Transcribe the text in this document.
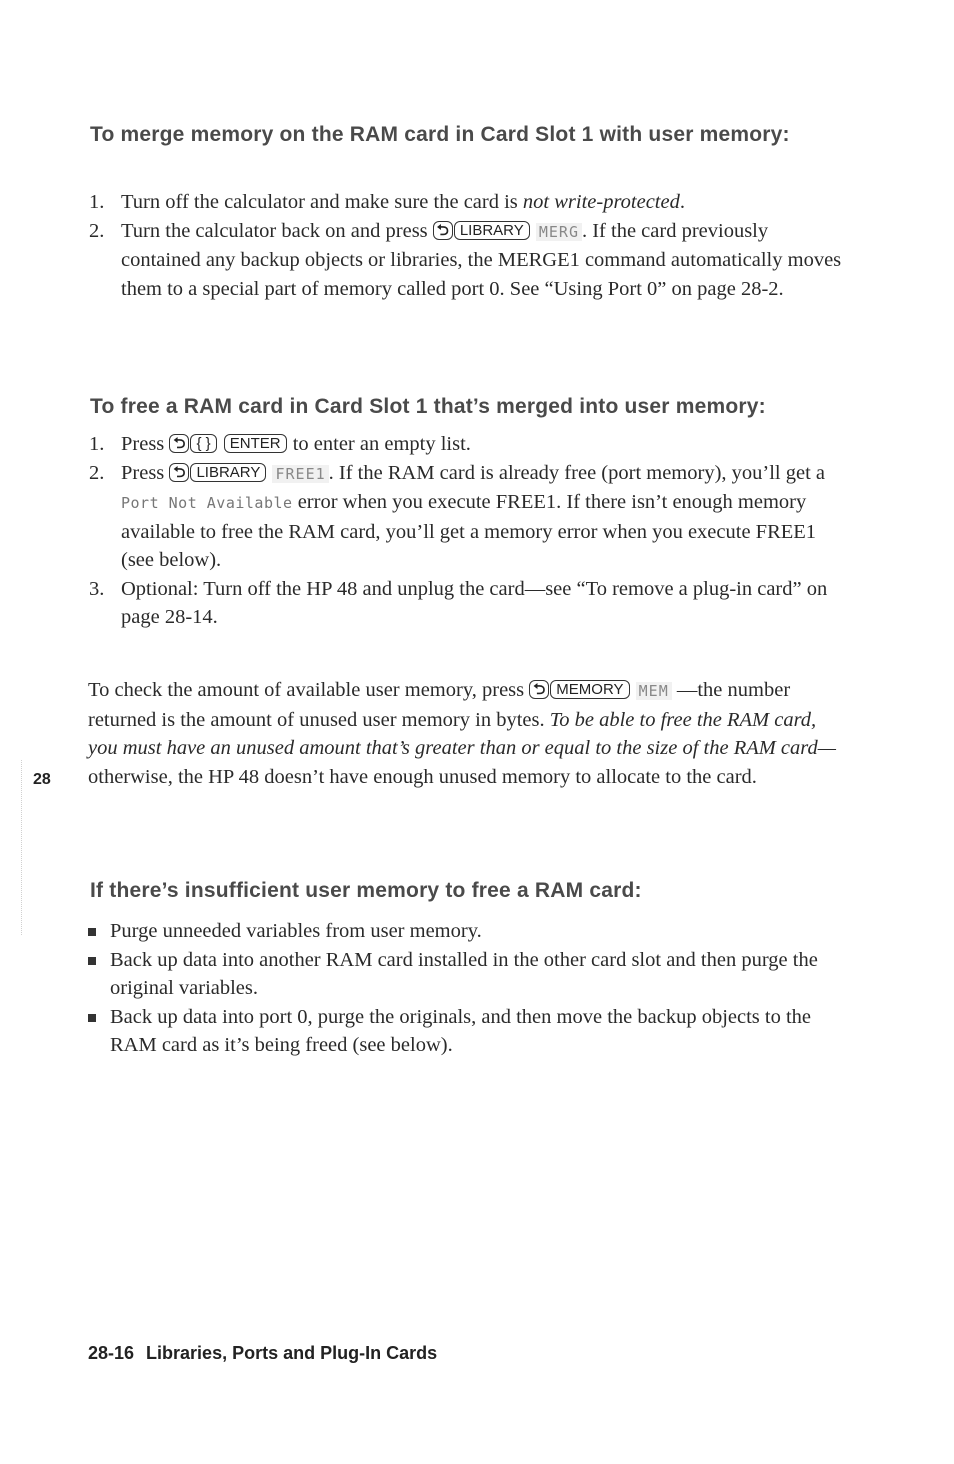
28
To merge memory on the RAM card in Card Slot 1 with user memory:
1. Turn off the calculator and make sure the card is not write-protected.
2. Turn the calculator back on and press ⮌ LIBRARY MERG . If the card previously contained any backup objects or libraries, the MERGE1 command automatically moves them to a special part of memory called port 0. See “Using Port 0” on page 28-2.
To free a RAM card in Card Slot 1 that’s merged into user memory:
1. Press ⮌ { } ENTER to enter an empty list.
2. Press ⮌ LIBRARY FREE1 . If the RAM card is already free (port memory), you’ll get a Port Not Available error when you execute FREE1. If there isn’t enough memory available to free the RAM card, you’ll get a memory error when you execute FREE1 (see below).
3. Optional: Turn off the HP 48 and unplug the card—see “To remove a plug-in card” on page 28-14.

To check the amount of available user memory, press ⮌ MEMORY MEM —the number returned is the amount of unused user memory in bytes. To be able to free the RAM card, you must have an unused amount that’s greater than or equal to the size of the RAM card— otherwise, the HP 48 doesn’t have enough unused memory to allocate to the card.

If there’s insufficient user memory to free a RAM card:
Purge unneeded variables from user memory.
Back up data into another RAM card installed in the other card slot and then purge the original variables.
Back up data into port 0, purge the originals, and then move the backup objects to the RAM card as it’s being freed (see below).
28-16 Libraries, Ports and Plug-In Cards
